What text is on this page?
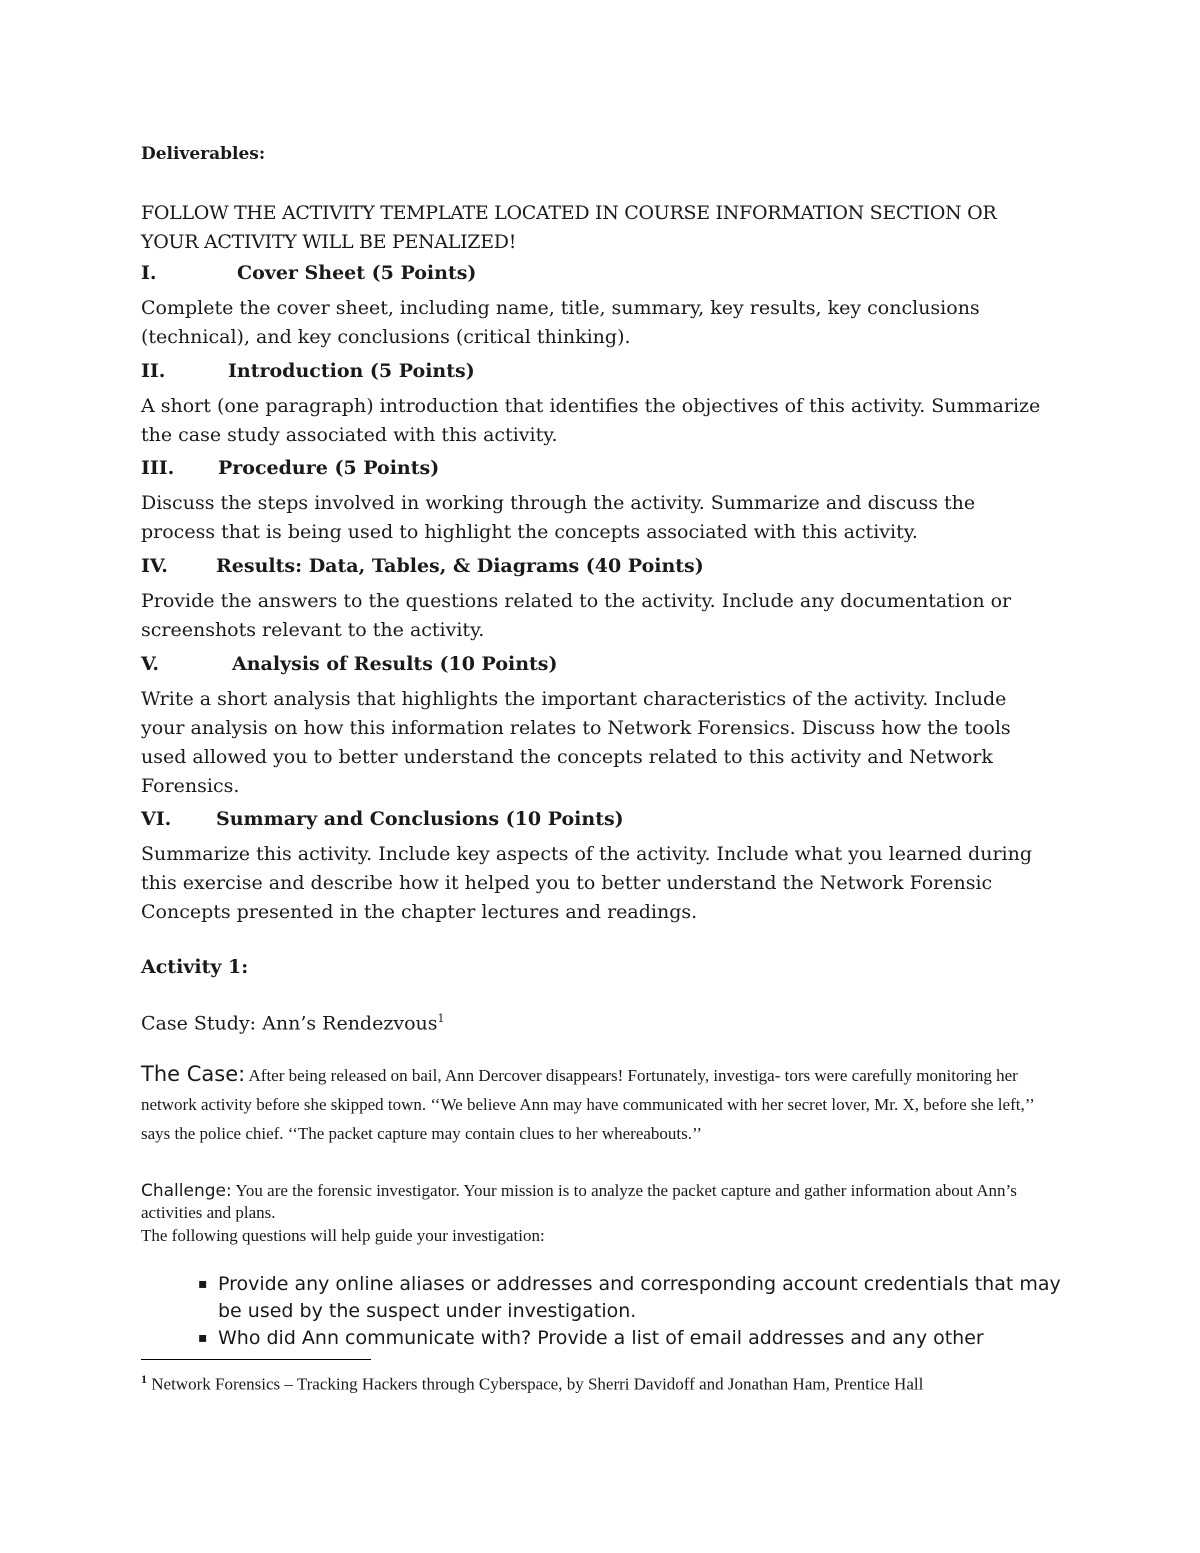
Deliverables:
FOLLOW THE ACTIVITY TEMPLATE LOCATED IN COURSE INFORMATION SECTION OR YOUR ACTIVITY WILL BE PENALIZED!
I.	Cover Sheet (5 Points)
Complete the cover sheet, including name, title, summary, key results, key conclusions (technical), and key conclusions (critical thinking).
II.	Introduction (5 Points)
A short (one paragraph) introduction that identifies the objectives of this activity. Summarize the case study associated with this activity.
III. Procedure (5 Points)
Discuss the steps involved in working through the activity. Summarize and discuss the process that is being used to highlight the concepts associated with this activity.
IV.	Results: Data, Tables, & Diagrams (40 Points)
Provide the answers to the questions related to the activity. Include any documentation or screenshots relevant to the activity.
V.	Analysis of Results (10 Points)
Write a short analysis that highlights the important characteristics of the activity. Include your analysis on how this information relates to Network Forensics. Discuss how the tools used allowed you to better understand the concepts related to this activity and Network Forensics.
VI. Summary and Conclusions (10 Points)
Summarize this activity. Include key aspects of the activity. Include what you learned during this exercise and describe how it helped you to better understand the Network Forensic Concepts presented in the chapter lectures and readings.
Activity 1:
Case Study: Ann’s Rendezvous$^1$
The Case: After being released on bail, Ann Dercover disappears! Fortunately, investiga- tors were carefully monitoring her network activity before she skipped town. ‘‘We believe Ann may have communicated with her secret lover, Mr. X, before she left,’’ says the police chief. ‘‘The packet capture may contain clues to her whereabouts.’’
Challenge: You are the forensic investigator. Your mission is to analyze the packet capture and gather information about Ann’s activities and plans.
The following questions will help guide your investigation:
▪ Provide any online aliases or addresses and corresponding account credentials that may be used by the suspect under investigation.
▪ Who did Ann communicate with? Provide a list of email addresses and any other
$^1$ Network Forensics – Tracking Hackers through Cyberspace, by Sherri Davidoff and Jonathan Ham, Prentice Hall
